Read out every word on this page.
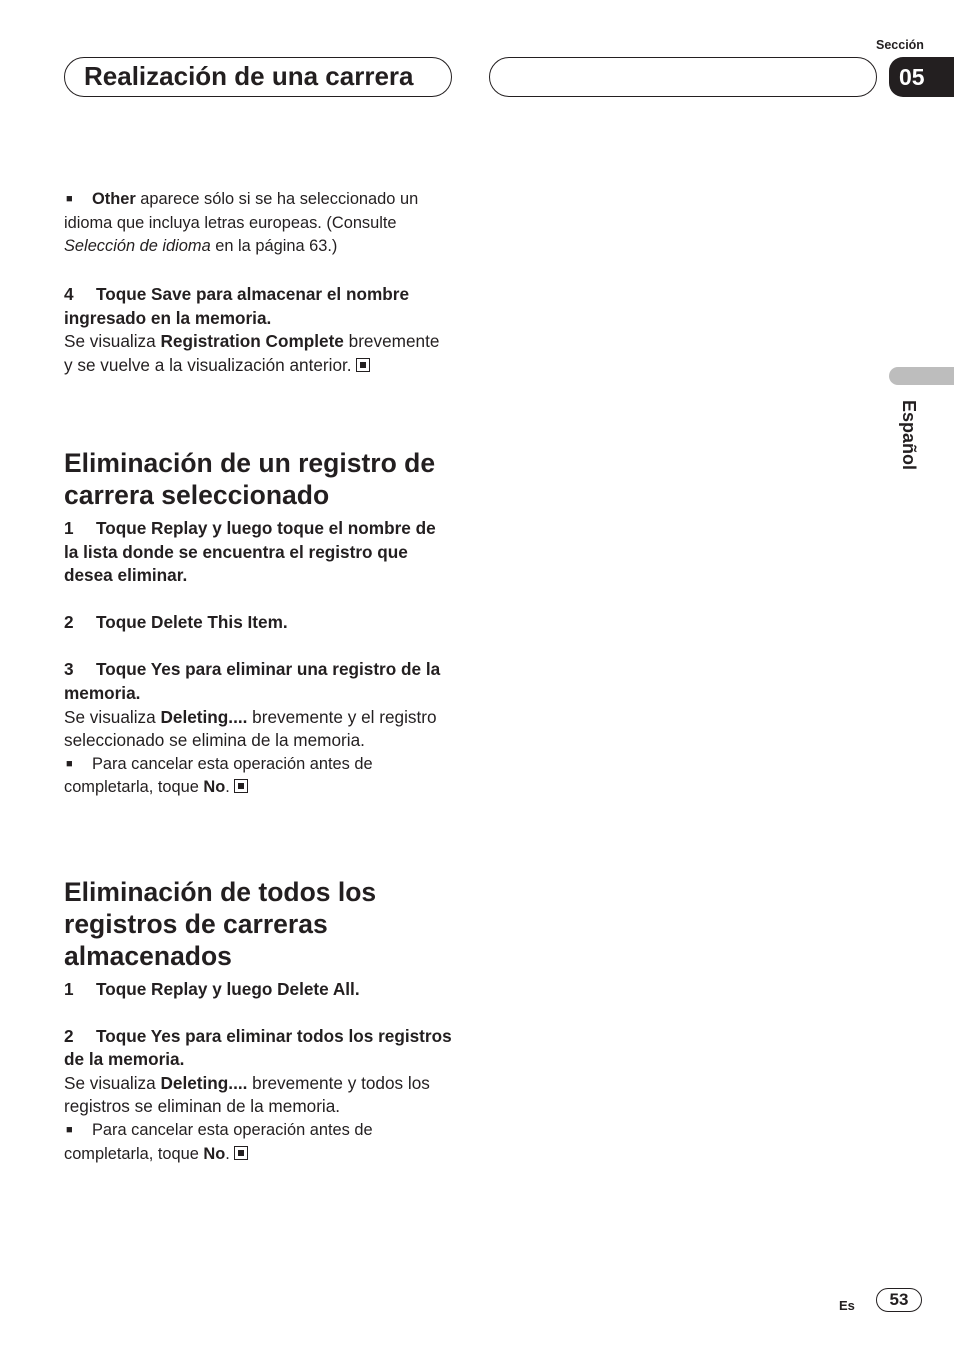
Realización de una carrera
Sección
05
Español

■ Other aparece sólo si se ha seleccionado un idioma que incluya letras europeas. (Consulte Selección de idioma en la página 63.)

4 Toque Save para almacenar el nombre ingresado en la memoria.

Se visualiza Registration Complete brevemente y se vuelve a la visualización anterior.

Eliminación de un registro de carrera seleccionado

1 Toque Replay y luego toque el nombre de la lista donde se encuentra el registro que desea eliminar.

2 Toque Delete This Item.

3 Toque Yes para eliminar una registro de la memoria.

Se visualiza Deleting.... brevemente y el registro seleccionado se elimina de la memoria.

■ Para cancelar esta operación antes de completarla, toque No.

Eliminación de todos los registros de carreras almacenados

1 Toque Replay y luego Delete All.

2 Toque Yes para eliminar todos los registros de la memoria.

Se visualiza Deleting.... brevemente y todos los registros se eliminan de la memoria.

■ Para cancelar esta operación antes de completarla, toque No.

Es	53
